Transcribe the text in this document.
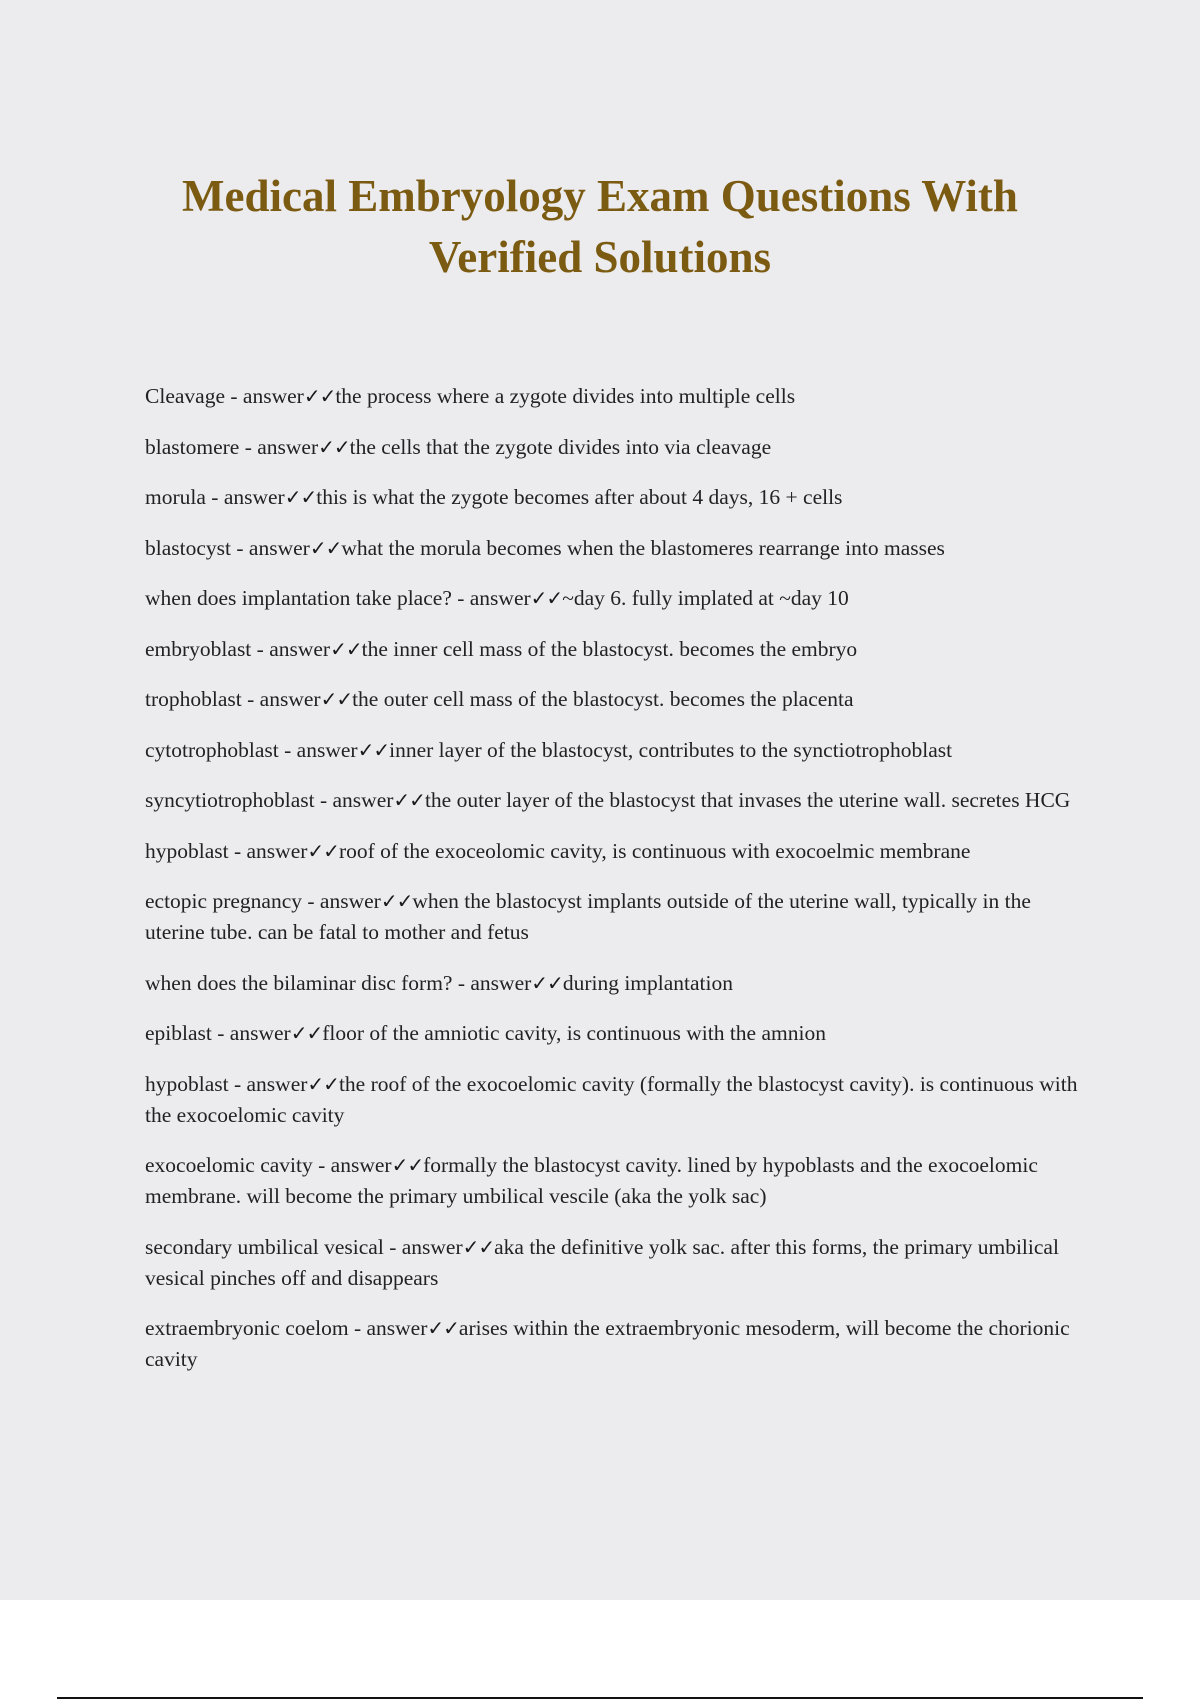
Medical Embryology Exam Questions With
Verified Solutions
Cleavage - answer✓✓the process where a zygote divides into multiple cells
blastomere - answer✓✓the cells that the zygote divides into via cleavage
morula - answer✓✓this is what the zygote becomes after about 4 days, 16 + cells
blastocyst - answer✓✓what the morula becomes when the blastomeres rearrange into masses
when does implantation take place? - answer✓✓~day 6. fully implated at ~day 10
embryoblast - answer✓✓the inner cell mass of the blastocyst. becomes the embryo
trophoblast - answer✓✓the outer cell mass of the blastocyst. becomes the placenta
cytotrophoblast - answer✓✓inner layer of the blastocyst, contributes to the synctiotrophoblast
syncytiotrophoblast - answer✓✓the outer layer of the blastocyst that invases the uterine wall. secretes HCG
hypoblast - answer✓✓roof of the exoceolomic cavity, is continuous with exocoelmic membrane
ectopic pregnancy - answer✓✓when the blastocyst implants outside of the uterine wall, typically in the uterine tube. can be fatal to mother and fetus
when does the bilaminar disc form? - answer✓✓during implantation
epiblast - answer✓✓floor of the amniotic cavity, is continuous with the amnion
hypoblast - answer✓✓the roof of the exocoelomic cavity (formally the blastocyst cavity). is continuous with the exocoelomic cavity
exocoelomic cavity - answer✓✓formally the blastocyst cavity. lined by hypoblasts and the exocoelomic membrane. will become the primary umbilical vescile (aka the yolk sac)
secondary umbilical vesical - answer✓✓aka the definitive yolk sac. after this forms, the primary umbilical vesical pinches off and disappears
extraembryonic coelom - answer✓✓arises within the extraembryonic mesoderm, will become the chorionic cavity
